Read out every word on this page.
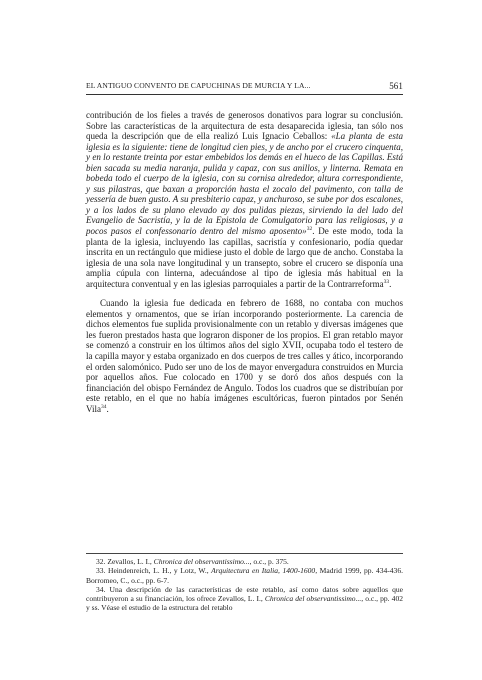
EL ANTIGUO CONVENTO DE CAPUCHINAS DE MURCIA Y LA...	561

contribución de los fieles a través de generosos donativos para lograr su conclusión. Sobre las características de la arquitectura de esta desaparecida iglesia, tan sólo nos queda la descripción que de ella realizó Luis Ignacio Ceballos: «La planta de esta iglesia es la siguiente: tiene de longitud cien pies, y de ancho por el crucero cinquenta, y en lo restante treinta por estar embebidos los demás en el hueco de las Capillas. Está bien sacada su media naranja, pulida y capaz, con sus anillos, y linterna. Remata en bobeda todo el cuerpo de la iglesia, con su cornisa alrededor, altura correspondiente, y sus pilastras, que baxan a proporción hasta el zocalo del pavimento, con talla de yessería de buen gusto. A su presbiterio capaz, y anchuroso, se sube por dos escalones, y a los lados de su plano elevado ay dos pulidas piezas, sirviendo la del lado del Evangelio de Sacristía, y la de la Epistola de Comulgatorio para las religiosas, y a pocos pasos el confessonario dentro del mismo aposento»$^{32}$. De este modo, toda la planta de la iglesia, incluyendo las capillas, sacristía y confesionario, podía quedar inscrita en un rectángulo que midiese justo el doble de largo que de ancho. Constaba la iglesia de una sola nave longitudinal y un transepto, sobre el crucero se disponía una amplia cúpula con linterna, adecuándose al tipo de iglesia más habitual en la arquitectura conventual y en las iglesias parroquiales a partir de la Contrarreforma$^{33}$.

Cuando la iglesia fue dedicada en febrero de 1688, no contaba con muchos elementos y ornamentos, que se irían incorporando posteriormente. La carencia de dichos elementos fue suplida provisionalmente con un retablo y diversas imágenes que les fueron prestados hasta que lograron disponer de los propios. El gran retablo mayor se comenzó a construir en los últimos años del siglo XVII, ocupaba todo el testero de la capilla mayor y estaba organizado en dos cuerpos de tres calles y ático, incorporando el orden salomónico. Pudo ser uno de los de mayor envergadura construidos en Murcia por aquellos años. Fue colocado en 1700 y se doró dos años después con la financiación del obispo Fernández de Angulo. Todos los cuadros que se distribuían por este retablo, en el que no había imágenes escultóricas, fueron pintados por Senén Vila$^{34}$.

32. Zevallos, L. I., Chronica del observantissimo..., o.c., p. 375.

33. Heindenreich, L. H., y Lotz, W., Arquitectura en Italia, 1400-1600, Madrid 1999, pp. 434-436. Borromeo, C., o.c., pp. 6-7.

34. Una descripción de las características de este retablo, así como datos sobre aquellos que contribuyeron a su financiación, los ofrece Zevallos, L. I., Chronica del observantissimo..., o.c., pp. 402 y ss. Véase el estudio de la estructura del retablo
